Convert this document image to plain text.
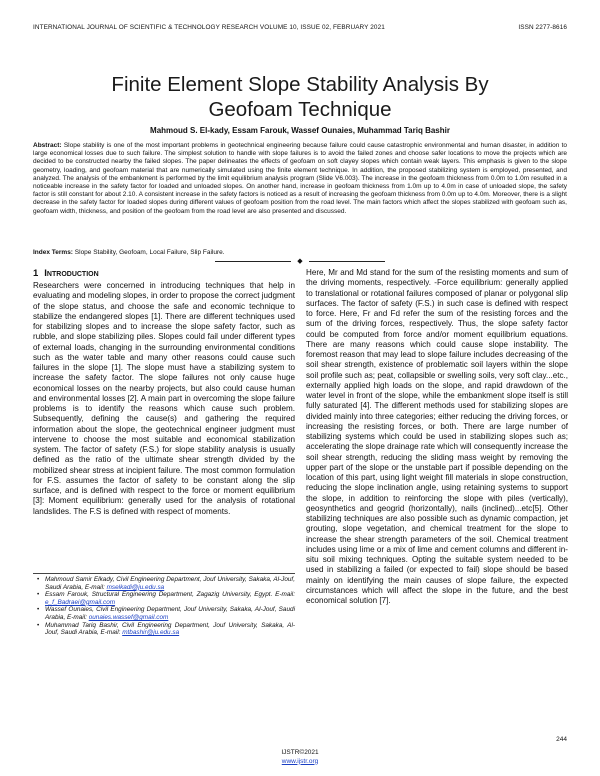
INTERNATIONAL JOURNAL OF SCIENTIFIC & TECHNOLOGY RESEARCH VOLUME 10, ISSUE 02, FEBRUARY 2021	ISSN 2277-8616
Finite Element Slope Stability Analysis By
Geofoam Technique
Mahmoud S. El-kady, Essam Farouk, Wassef Ounaies, Muhammad Tariq Bashir

Abstract: Slope stability is one of the most important problems in geotechnical engineering because failure could cause catastrophic environmental and human disaster, in addition to large economical losses due to such failure. The simplest solution to handle with slope failures is to avoid the failed zones and choose safer locations to move the projects which are decided to be constructed nearby the failed slopes. The paper delineates the effects of geofoam on soft clayey slopes which contain weak layers. This emphasis is given to the slope geometry, loading, and geofoam material that are numerically simulated using the finite element technique. In addition, the proposed stabilizing system is employed, presented, and analyzed. The analysis of the embankment is performed by the limit equilibrium analysis program (Slide V6.003). The increase in the geofoam thickness from 0.0m to 1.0m resulted in a noticeable increase in the safety factor for loaded and unloaded slopes. On another hand, increase in geofoam thickness from 1.0m up to 4.0m in case of unloaded slope, the safety factor is still constant for about 2.10. A consistent increase in the safety factors is noticed as a result of increasing the geofoam thickness from 0.0m up to 4.0m. Moreover, there is a slight decrease in the safety factor for loaded slopes during different values of geofoam position from the road level. The main factors which affect the slopes stabilized with geofoam such as, geofoam width, thickness, and position of the geofoam from the road level are also presented and discussed.

Index Terms: Slope Stability, Geofoam, Local Failure, Slip Failure.

◆
1 Introduction

Researchers were concerned in introducing techniques that help in evaluating and modeling slopes, in order to propose the correct judgment of the slope status, and choose the safe and economic technique to stabilize the endangered slopes [1]. There are different techniques used for stabilizing slopes and to increase the slope safety factor, such as rubble, and slope stabilizing piles. Slopes could fail under different types of external loads, changing in the surrounding environmental conditions such as the water table and many other reasons could cause such failures in the slope [1]. The slope must have a stabilizing system to increase the safety factor. The slope failures not only cause huge economical losses on the nearby projects, but also could cause human and environmental losses [2]. A main part in overcoming the slope failure problems is to identify the reasons which cause such problem. Subsequently, defining the cause(s) and gathering the required information about the slope, the geotechnical engineer judgment must intervene to choose the most suitable and economical stabilization system. The factor of safety (F.S.) for slope stability analysis is usually defined as the ratio of the ultimate shear strength divided by the mobilized shear stress at incipient failure. The most common formulation for F.S. assumes the factor of safety to be constant along the slip surface, and is defined with respect to the force or moment equilibrium [3]: Moment equilibrium: generally used for the analysis of rotational landslides. The F.S is defined with respect of moments.

• Mahmoud Samir Elkady, Civil Engineering Department, Jouf University, Sakaka, Al-Jouf, Saudi Arabia, E-mail: mselkadi@ju.edu.sa

• Essam Farouk, Structural Engineering Department, Zagazig University, Egypt. E-mail: e_f_Badraei@gmail.com

• Wassef Ounaies, Civil Engineering Department, Jouf University, Sakaka, Al-Jouf, Saudi Arabia, E-mail: ounaies.wassef@gmail.com

• Muhammad Tariq Bashir, Civil Engineering Department, Jouf University, Sakaka, Al-Jouf, Saudi Arabia, E-mail: mtbashir@ju.edu.sa

Here, Mr and Md stand for the sum of the resisting moments and sum of the driving moments, respectively. -Force equilibrium: generally applied to translational or rotational failures composed of planar or polygonal slip surfaces. The factor of safety (F.S.) in such case is defined with respect to force. Here, Fr and Fd refer the sum of the resisting forces and the sum of the driving forces, respectively. Thus, the slope safety factor could be computed from force and/or moment equilibrium equations. There are many reasons which could cause slope instability. The foremost reason that may lead to slope failure includes decreasing of the soil shear strength, existence of problematic soil layers within the slope soil profile such as; peat, collapsible or swelling soils, very soft clay...etc., externally applied high loads on the slope, and rapid drawdown of the water level in front of the slope, while the embankment slope itself is still fully saturated [4]. The different methods used for stabilizing slopes are divided mainly into three categories; either reducing the driving forces, or increasing the resisting forces, or both. There are large number of stabilizing systems which could be used in stabilizing slopes such as; accelerating the slope drainage rate which will consequently increase the soil shear strength, reducing the sliding mass weight by removing the upper part of the slope or the unstable part if possible depending on the location of this part, using light weight fill materials in slope construction, reducing the slope inclination angle, using retaining systems to support the slope, in addition to reinforcing the slope with piles (vertically), geosynthetics and geogrid (horizontally), nails (inclined)...etc[5]. Other stabilizing techniques are also possible such as dynamic compaction, jet grouting, slope vegetation, and chemical treatment for the slope to increase the shear strength parameters of the soil. Chemical treatment includes using lime or a mix of lime and cement columns and different in-situ soil mixing techniques. Opting the suitable system needed to be used in stabilizing a failed (or expected to fail) slope should be based mainly on identifying the main causes of slope failure, the expected circumstances which will affect the slope in the future, and the best economical solution [7].

244
IJSTR©2021
www.ijstr.org
